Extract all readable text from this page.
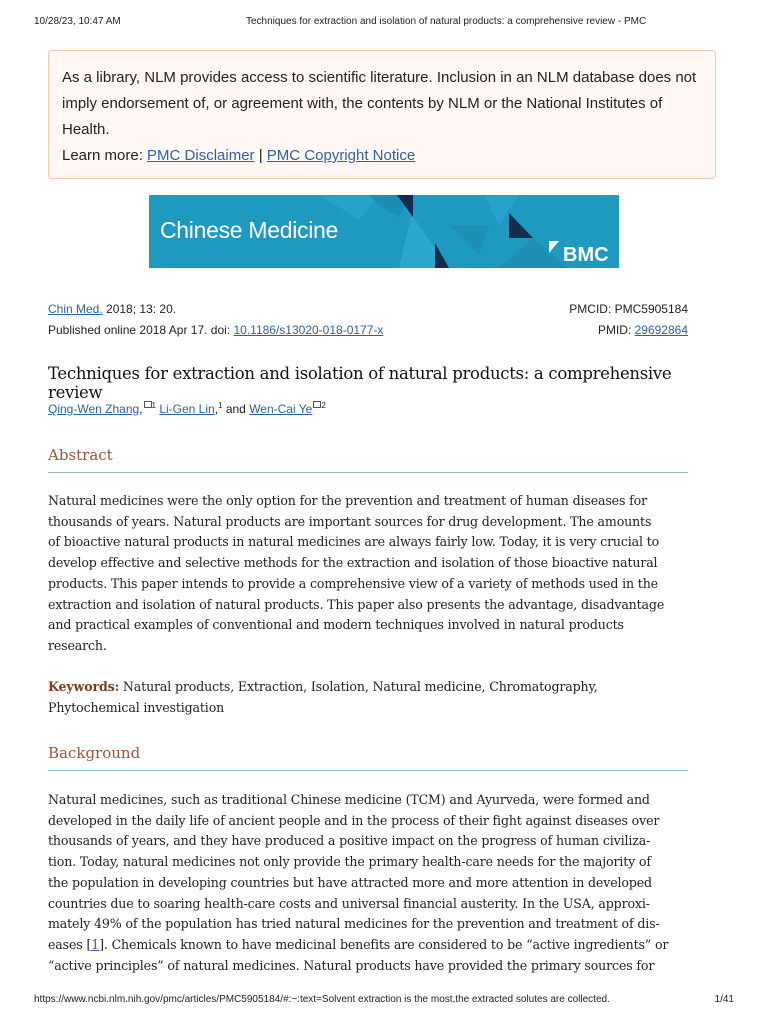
10/28/23, 10:47 AM	Techniques for extraction and isolation of natural products: a comprehensive review - PMC

As a library, NLM provides access to scientific literature. Inclusion in an NLM database does not imply endorsement of, or agreement with, the contents by NLM or the National Institutes of Health.

Learn more: PMC Disclaimer | PMC Copyright Notice

BMC
Chinese Medicine
Chin Med. 2018; 13: 20.
Published online 2018 Apr 17. doi: 10.1186/s13020-018-0177-x
PMCID: PMC5905184
PMID: 29692864
Techniques for extraction and isolation of natural products: a comprehensive review
Qing-Wen Zhang, $^1$ Li-Gen Lin,$^1$ and Wen-Cai Ye $^2$
Abstract
Natural medicines were the only option for the prevention and treatment of human diseases for
thousands of years. Natural products are important sources for drug development. The amounts
of bioactive natural products in natural medicines are always fairly low. Today, it is very crucial to
develop effective and selective methods for the extraction and isolation of those bioactive natural
products. This paper intends to provide a comprehensive view of a variety of methods used in the
extraction and isolation of natural products. This paper also presents the advantage, disadvantage
and practical examples of conventional and modern techniques involved in natural products
research.
Keywords: Natural products, Extraction, Isolation, Natural medicine, Chromatography,
Phytochemical investigation
Background
Natural medicines, such as traditional Chinese medicine (TCM) and Ayurveda, were formed and
developed in the daily life of ancient people and in the process of their fight against diseases over
thousands of years, and they have produced a positive impact on the progress of human civiliza-
tion. Today, natural medicines not only provide the primary health-care needs for the majority of
the population in developing countries but have attracted more and more attention in developed
countries due to soaring health-care costs and universal financial austerity. In the USA, approxi-
mately 49% of the population has tried natural medicines for the prevention and treatment of dis-
eases [1]. Chemicals known to have medicinal benefits are considered to be “active ingredients” or
“active principles” of natural medicines. Natural products have provided the primary sources for
https://www.ncbi.nlm.nih.gov/pmc/articles/PMC5905184/#:~:text=Solvent extraction is the most,the extracted solutes are collected.	1/41
